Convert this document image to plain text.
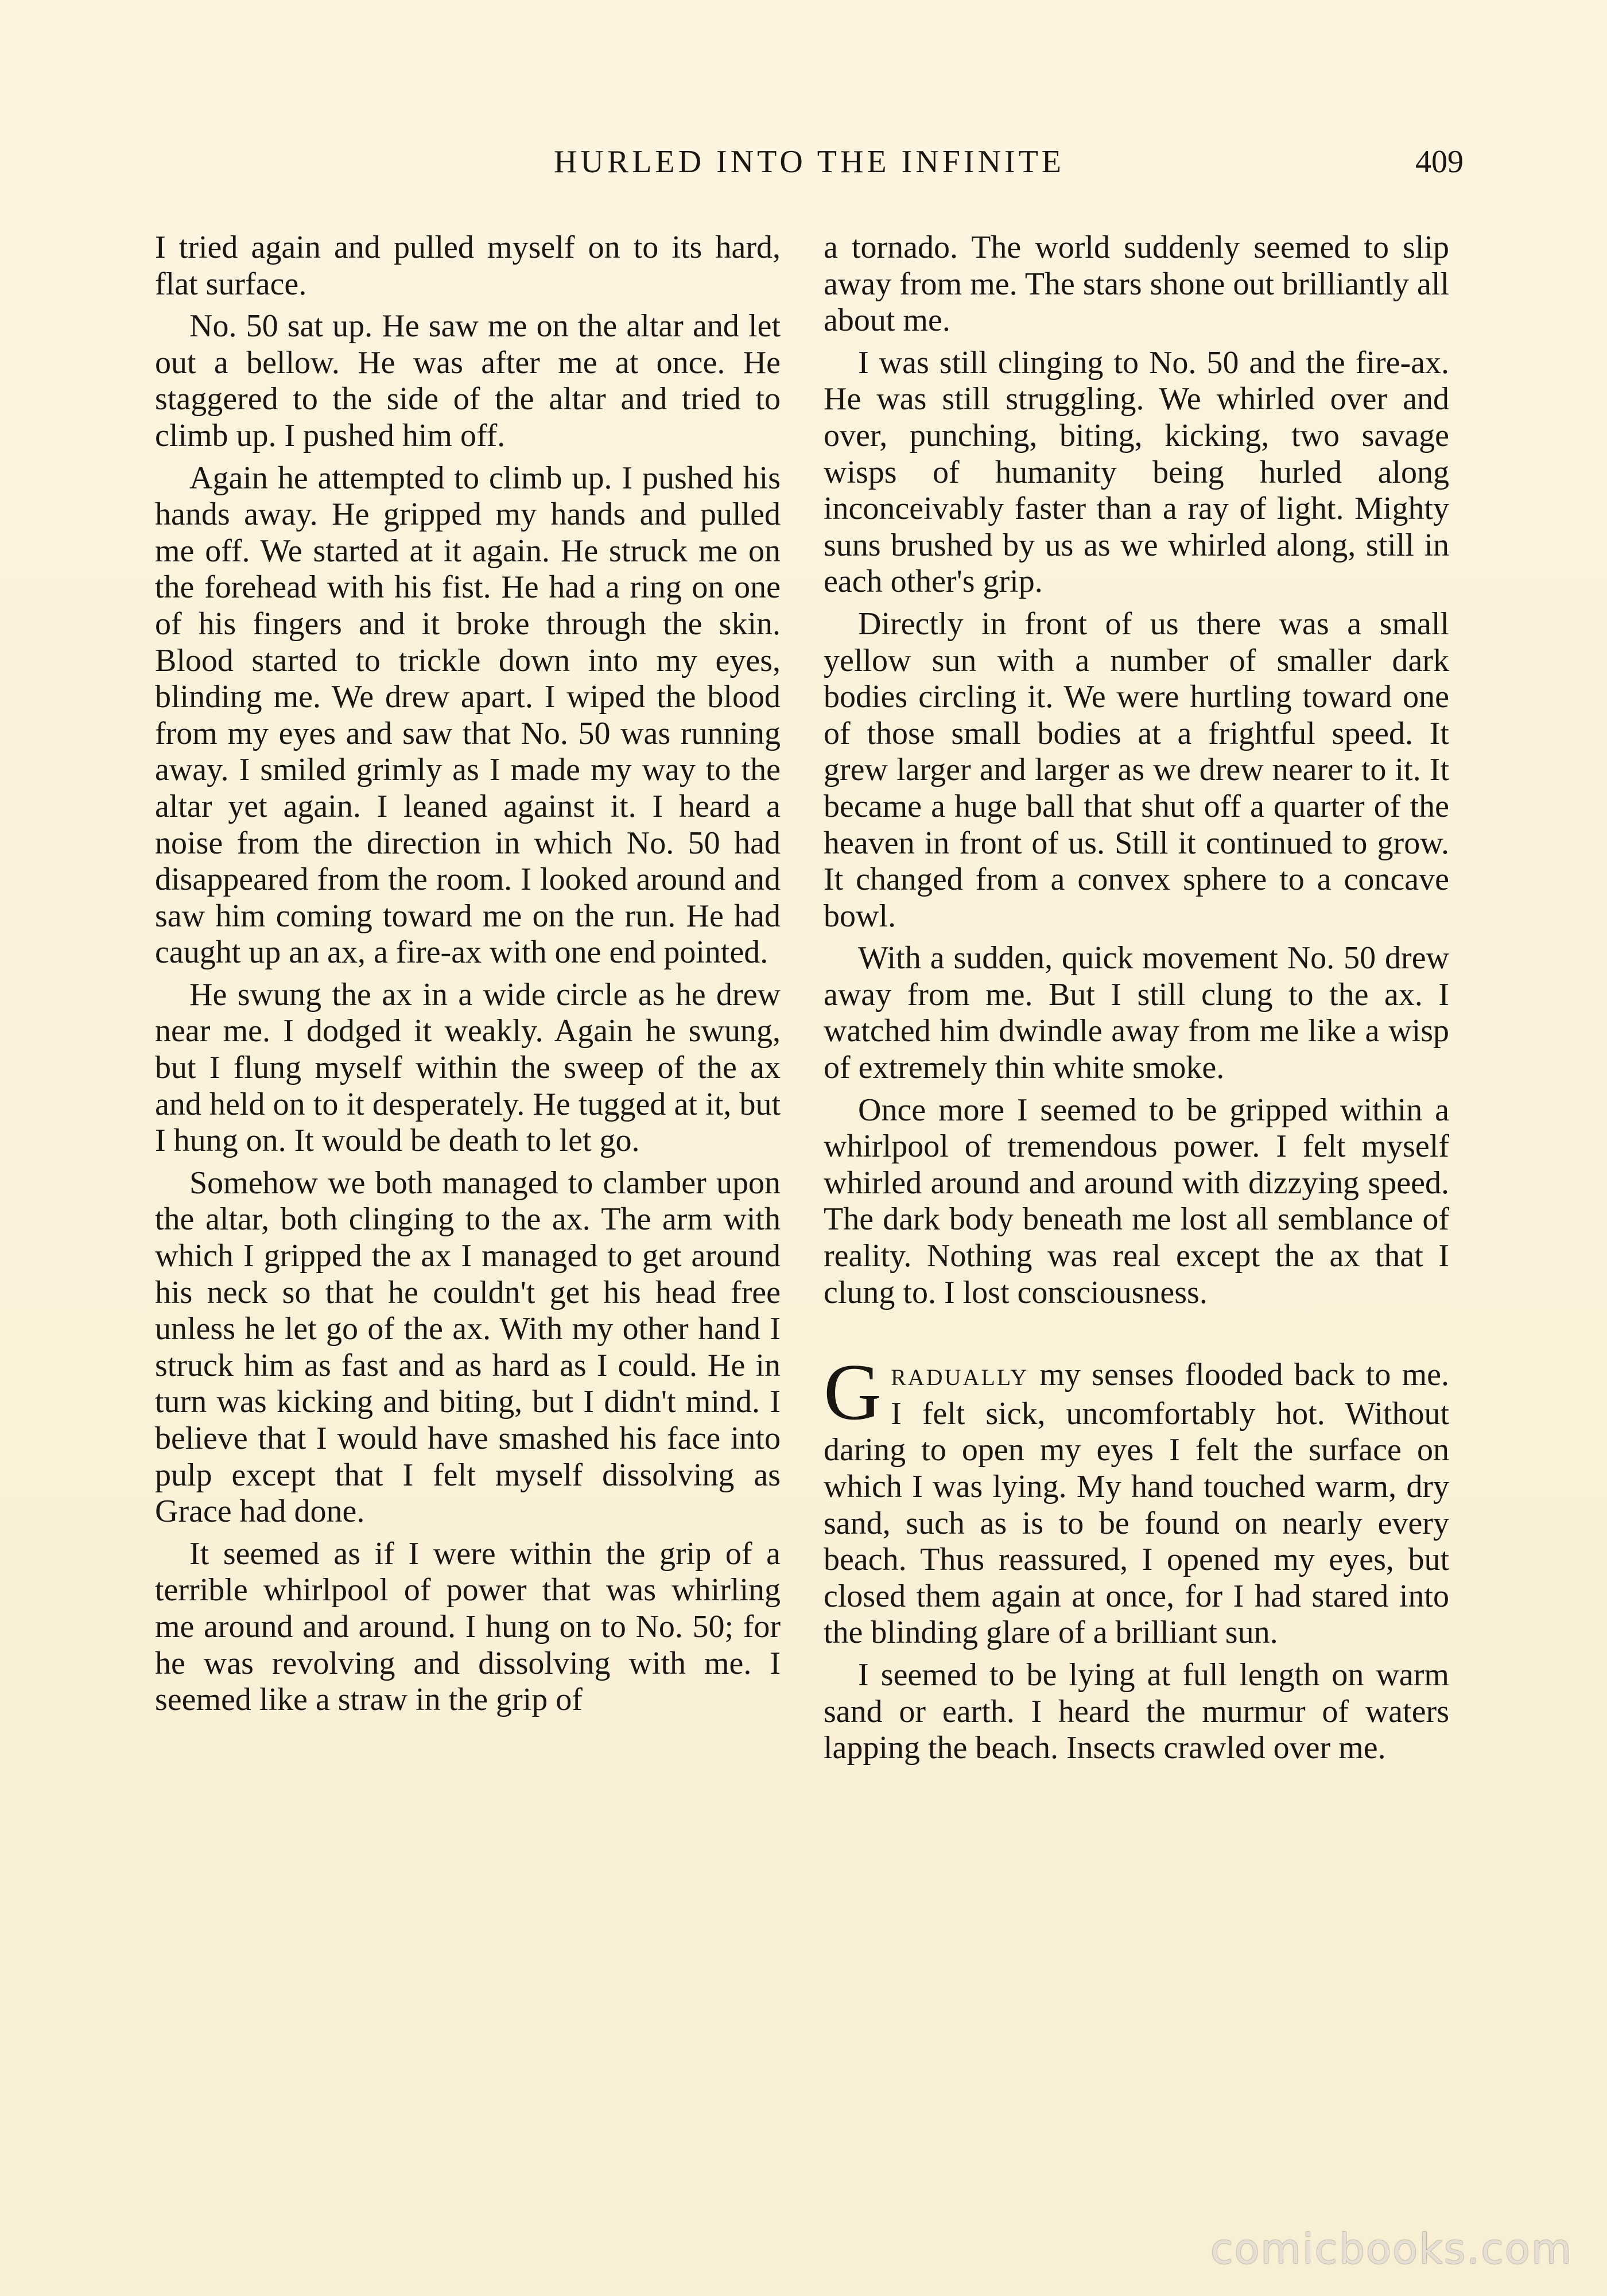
HURLED INTO THE INFINITE	409

I tried again and pulled myself on to its hard, flat surface.

No. 50 sat up. He saw me on the altar and let out a bellow. He was after me at once. He staggered to the side of the altar and tried to climb up. I pushed him off.

Again he attempted to climb up. I pushed his hands away. He gripped my hands and pulled me off. We started at it again. He struck me on the forehead with his fist. He had a ring on one of his fingers and it broke through the skin. Blood started to trickle down into my eyes, blinding me. We drew apart. I wiped the blood from my eyes and saw that No. 50 was running away. I smiled grimly as I made my way to the altar yet again. I leaned against it. I heard a noise from the direction in which No. 50 had disappeared from the room. I looked around and saw him coming toward me on the run. He had caught up an ax, a fire-ax with one end pointed.

He swung the ax in a wide circle as he drew near me. I dodged it weakly. Again he swung, but I flung myself within the sweep of the ax and held on to it desperately. He tugged at it, but I hung on. It would be death to let go.

Somehow we both managed to clamber upon the altar, both clinging to the ax. The arm with which I gripped the ax I managed to get around his neck so that he couldn't get his head free unless he let go of the ax. With my other hand I struck him as fast and as hard as I could. He in turn was kicking and biting, but I didn't mind. I believe that I would have smashed his face into pulp except that I felt myself dissolving as Grace had done.

It seemed as if I were within the grip of a terrible whirlpool of power that was whirling me around and around. I hung on to No. 50; for he was revolving and dissolving with me. I seemed like a straw in the grip of

a tornado. The world suddenly seemed to slip away from me. The stars shone out brilliantly all about me.

I was still clinging to No. 50 and the fire-ax. He was still struggling. We whirled over and over, punching, biting, kicking, two savage wisps of humanity being hurled along inconceivably faster than a ray of light. Mighty suns brushed by us as we whirled along, still in each other's grip.

Directly in front of us there was a small yellow sun with a number of smaller dark bodies circling it. We were hurtling toward one of those small bodies at a frightful speed. It grew larger and larger as we drew nearer to it. It became a huge ball that shut off a quarter of the heaven in front of us. Still it continued to grow. It changed from a convex sphere to a concave bowl.

With a sudden, quick movement No. 50 drew away from me. But I still clung to the ax. I watched him dwindle away from me like a wisp of extremely thin white smoke.

Once more I seemed to be gripped within a whirlpool of tremendous power. I felt myself whirled around and around with dizzying speed. The dark body beneath me lost all semblance of reality. Nothing was real except the ax that I clung to. I lost consciousness.

GRADUALLY my senses flooded back to me. I felt sick, uncomfortably hot. Without daring to open my eyes I felt the surface on which I was lying. My hand touched warm, dry sand, such as is to be found on nearly every beach. Thus reassured, I opened my eyes, but closed them again at once, for I had stared into the blinding glare of a brilliant sun.

I seemed to be lying at full length on warm sand or earth. I heard the murmur of waters lapping the beach. Insects crawled over me.

comicbooks.com
